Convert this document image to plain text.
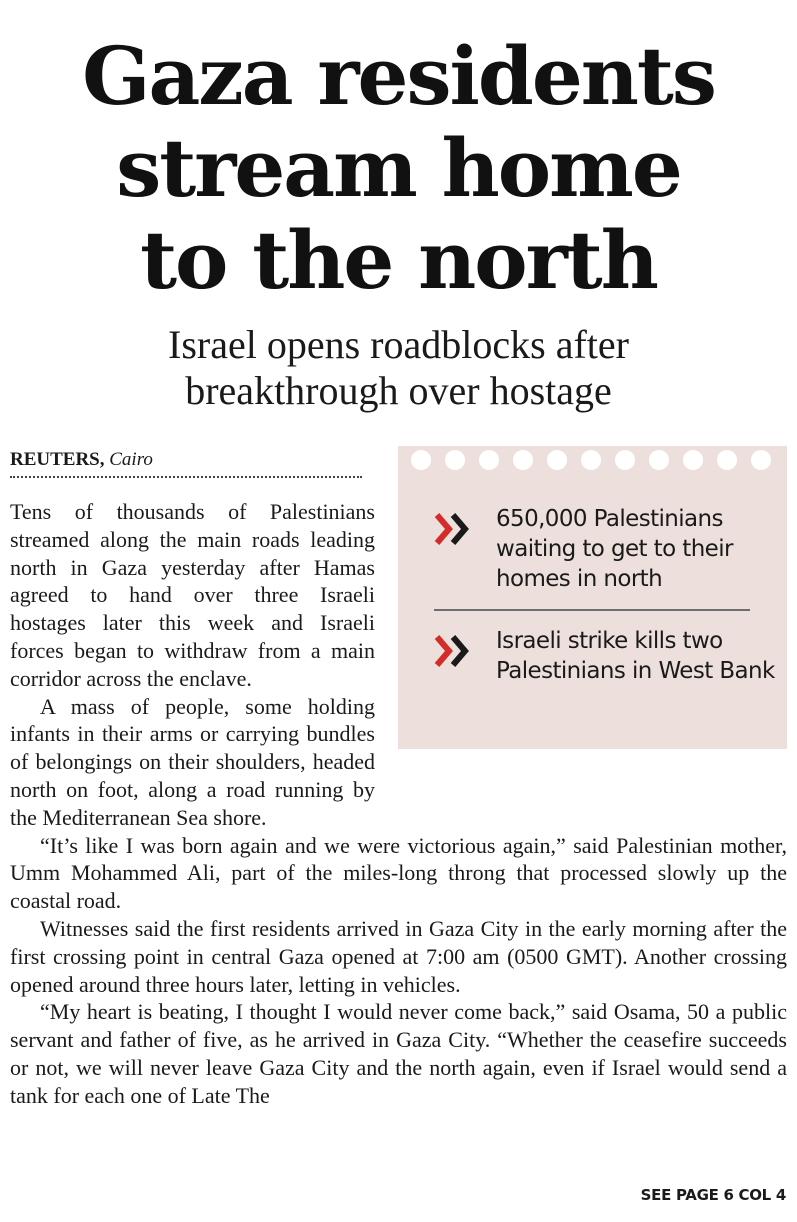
Gaza residents
stream home
to the north
Israel opens roadblocks after
breakthrough over hostage
REUTERS, Cairo

Tens of thousands of Palestinians streamed along the main roads leading north in Gaza yesterday after Hamas agreed to hand over three Israeli hostages later this week and Israeli forces began to withdraw from a main corridor across the enclave.

A mass of people, some holding infants in their arms or carrying bundles of belongings on their shoulders, headed north on foot, along a road running by the Mediterranean Sea shore.

“It’s like I was born again and we were victorious again,” said Palestinian mother, Umm Mohammed Ali, part of the miles-long throng that processed slowly up the coastal road.

Witnesses said the first residents arrived in Gaza City in the early morning after the first crossing point in central Gaza opened at 7:00 am (0500 GMT). Another crossing opened around three hours later, letting in vehicles.

“My heart is beating, I thought I would never come back,” said Osama, 50 a public servant and father of five, as he arrived in Gaza City. “Whether the ceasefire succeeds or not, we will never leave Gaza City and the north again, even if Israel would send a tank for each one of Late The

650,000 Palestinians waiting to get to their homes in north
Israeli strike kills two Palestinians in West Bank
SEE PAGE 6 COL 4
